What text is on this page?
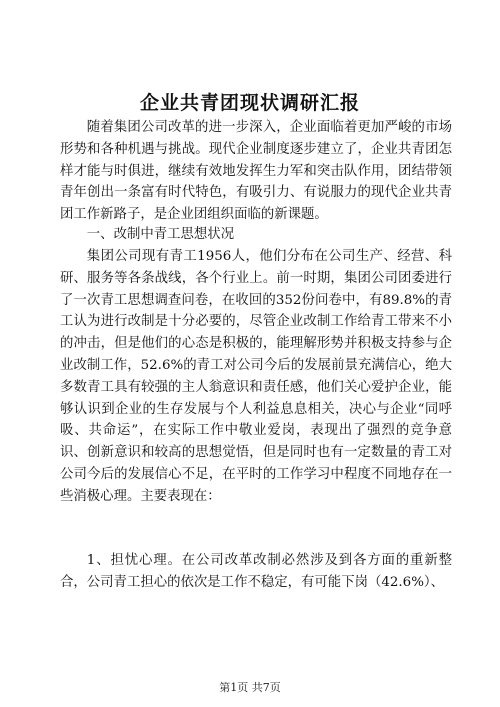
企业共青团现状调研汇报

随着集团公司改革的进一步深入，企业面临着更加严峻的市场形势和各种机遇与挑战。现代企业制度逐步建立了，企业共青团怎样才能与时俱进，继续有效地发挥生力军和突击队作用，团结带领青年创出一条富有时代特色，有吸引力、有说服力的现代企业共青团工作新路子，是企业团组织面临的新课题。

一、改制中青工思想状况

集团公司现有青工1956人，他们分布在公司生产、经营、科研、服务等各条战线，各个行业上。前一时期，集团公司团委进行了一次青工思想调查问卷，在收回的352份问卷中，有89.8%的青工认为进行改制是十分必要的，尽管企业改制工作给青工带来不小的冲击，但是他们的心态是积极的，能理解形势并积极支持参与企业改制工作，52.6%的青工对公司今后的发展前景充满信心，绝大多数青工具有较强的主人翁意识和责任感，他们关心爱护企业，能够认识到企业的生存发展与个人利益息息相关，决心与企业“同呼吸、共命运”，在实际工作中敬业爱岗，表现出了强烈的竞争意识、创新意识和较高的思想觉悟，但是同时也有一定数量的青工对公司今后的发展信心不足，在平时的工作学习中程度不同地存在一些消极心理。主要表现在：

1、担忧心理。在公司改革改制必然涉及到各方面的重新整合，公司青工担心的依次是工作不稳定，有可能下岗（42.6%）、

第1页 共7页
